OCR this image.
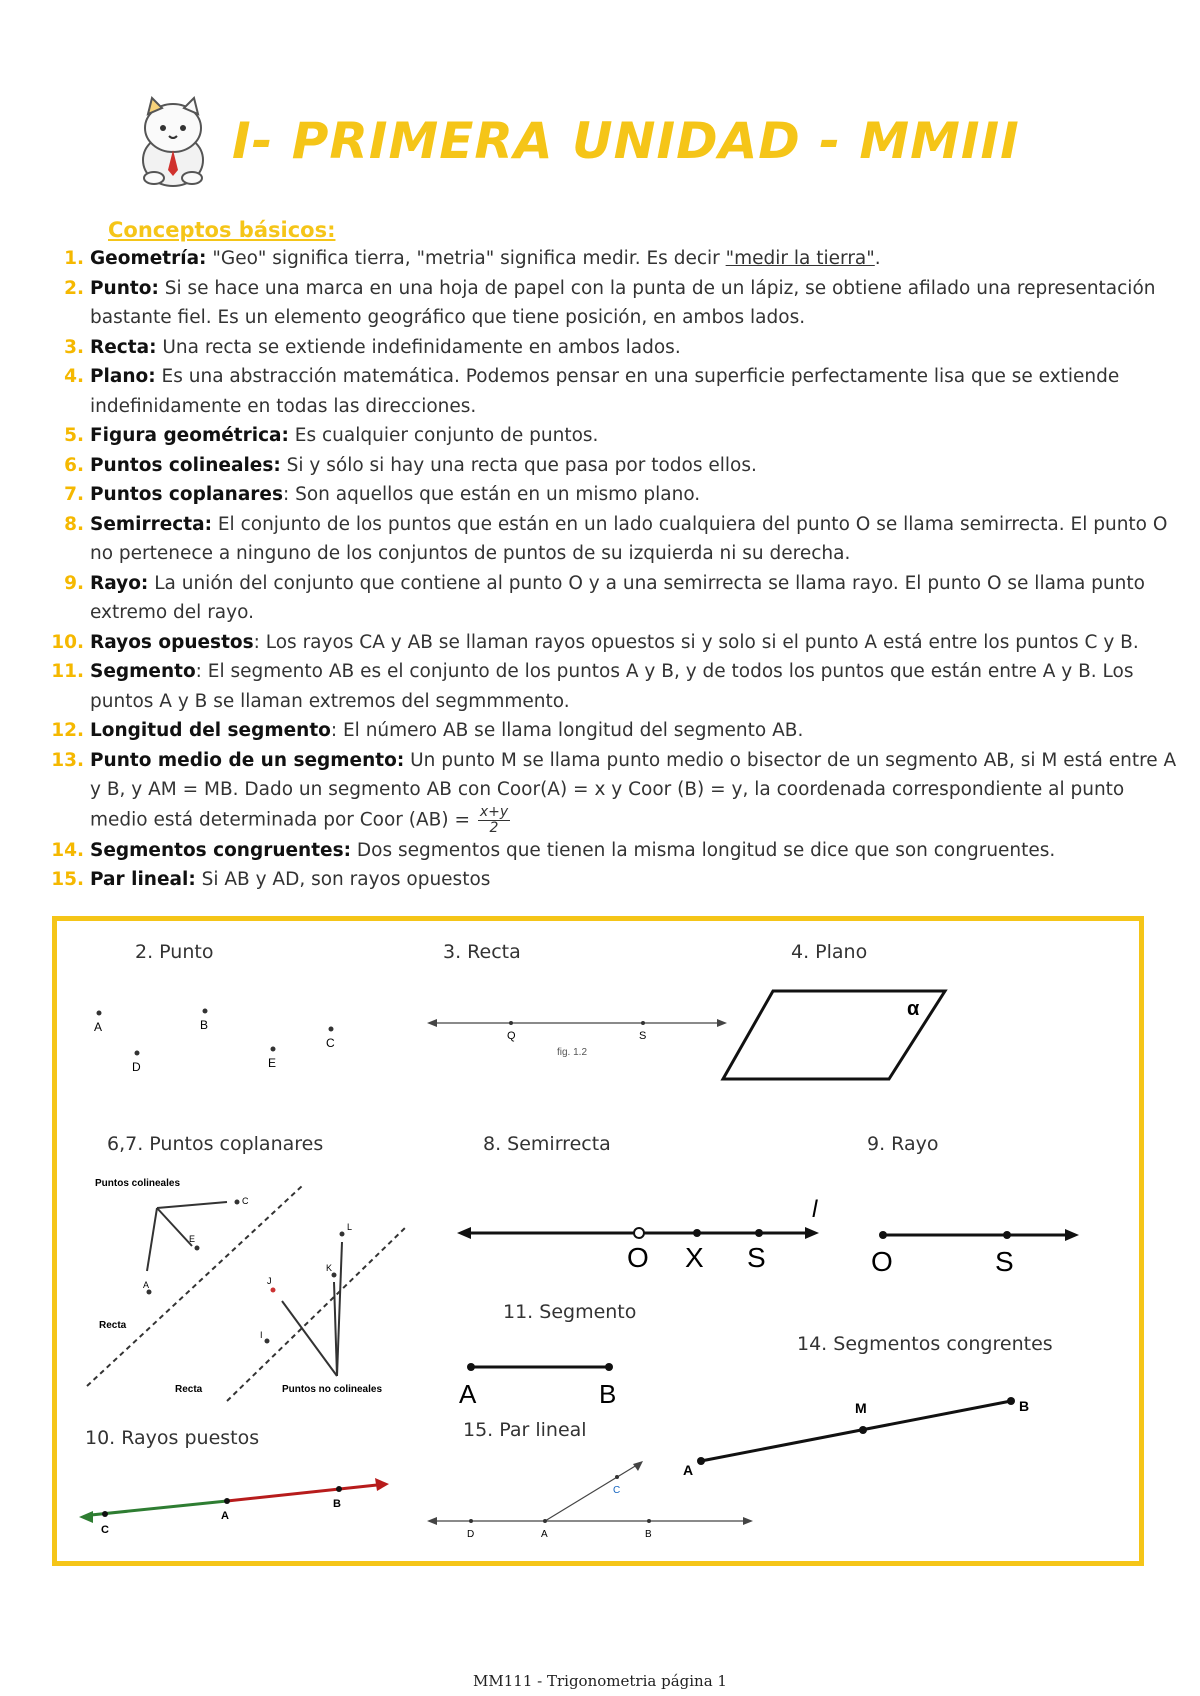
I- PRIMERA UNIDAD - MMIII
Conceptos básicos:
1. Geometría: "Geo" significa tierra, "metria" significa medir. Es decir "medir la tierra".
2. Punto: Si se hace una marca en una hoja de papel con la punta de un lápiz, se obtiene afilado una representación bastante fiel. Es un elemento geográfico que tiene posición, en ambos lados.
3. Recta: Una recta se extiende indefinidamente en ambos lados.
4. Plano: Es una abstracción matemática. Podemos pensar en una superficie perfectamente lisa que se extiende indefinidamente en todas las direcciones.
5. Figura geométrica: Es cualquier conjunto de puntos.
6. Puntos colineales: Si y sólo si hay una recta que pasa por todos ellos.
7. Puntos coplanares: Son aquellos que están en un mismo plano.
8. Semirrecta: El conjunto de los puntos que están en un lado cualquiera del punto O se llama semirrecta. El punto O no pertenece a ninguno de los conjuntos de puntos de su izquierda ni su derecha.
9. Rayo: La unión del conjunto que contiene al punto O y a una semirrecta se llama rayo. El punto O se llama punto extremo del rayo.
10. Rayos opuestos: Los rayos CA y AB se llaman rayos opuestos si y solo si el punto A está entre los puntos C y B.
11. Segmento: El segmento AB es el conjunto de los puntos A y B, y de todos los puntos que están entre A y B. Los puntos A y B se llaman extremos del segmmmento.
12. Longitud del segmento: El número AB se llama longitud del segmento AB.
13. Punto medio de un segmento: Un punto M se llama punto medio o bisector de un segmento AB, si M está entre A y B, y AM = MB. Dado un segmento AB con Coor(A) = x y Coor (B) = y, la coordenada correspondiente al punto medio está determinada por Coor $(AB) = \frac{x+y}{2}$
14. Segmentos congruentes: Dos segmentos que tienen la misma longitud se dice que son congruentes.
15. Par lineal: Si AB y AD, son rayos opuestos
2. Punto
A	B
C
D	E
3. Recta
Q	S
fig. 1.2
4. Plano
α
6,7. Puntos coplanares
Puntos colineales
C
E
A
Recta
L
K
J
I
Recta	Puntos no colineales
8. Semirrecta
O X S
l
9. Rayo
O	S
11. Segmento
A	B
14. Segmentos congrentes
A
M	B
10. Rayos puestos
C
A
B
15. Par lineal
D	A	B
C
MM111 - Trigonometria página 1
